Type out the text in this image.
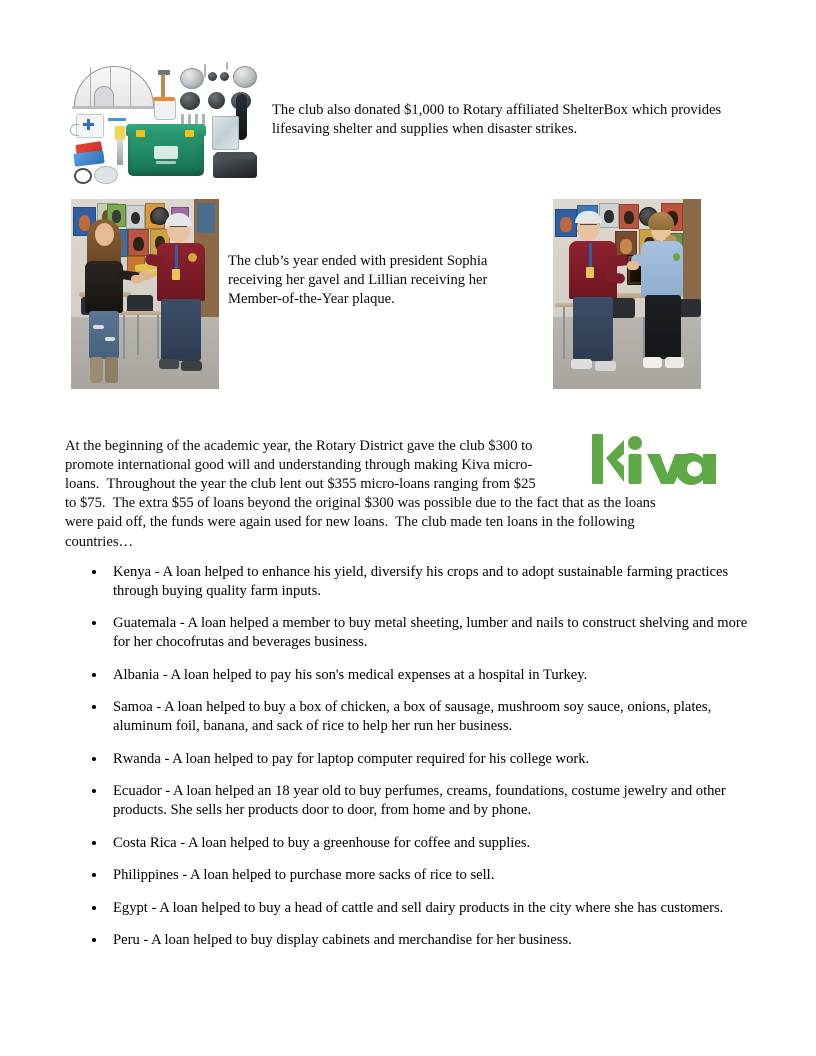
The club also donated $1,000 to Rotary affiliated ShelterBox which provides lifesaving shelter and supplies when disaster strikes.
The club’s year ended with president Sophia receiving her gavel and Lillian receiving her Member-of-the-Year plaque.
At the beginning of the academic year, the Rotary District gave the club $300 to
promote international good will and understanding through making Kiva micro-
loans.  Throughout the year the club lent out $355 micro-loans ranging from $25
to $75.  The extra $55 of loans beyond the original $300 was possible due to the fact that as the loans
were paid off, the funds were again used for new loans.  The club made ten loans in the following
countries…
Kenya - A loan helped to enhance his yield, diversify his crops and to adopt sustainable farming practices through buying quality farm inputs.
Guatemala - A loan helped a member to buy metal sheeting, lumber and nails to construct shelving and more for her chocofrutas and beverages business.
Albania - A loan helped to pay his son's medical expenses at a hospital in Turkey.
Samoa - A loan helped to buy a box of chicken, a box of sausage, mushroom soy sauce, onions, plates, aluminum foil, banana, and sack of rice to help her run her business.
Rwanda - A loan helped to pay for laptop computer required for his college work.
Ecuador - A loan helped an 18 year old to buy perfumes, creams, foundations, costume jewelry and other products. She sells her products door to door, from home and by phone.
Costa Rica - A loan helped to buy a greenhouse for coffee and supplies.
Philippines - A loan helped to purchase more sacks of rice to sell.
Egypt - A loan helped to buy a head of cattle and sell dairy products in the city where she has customers.
Peru - A loan helped to buy display cabinets and merchandise for her business.
